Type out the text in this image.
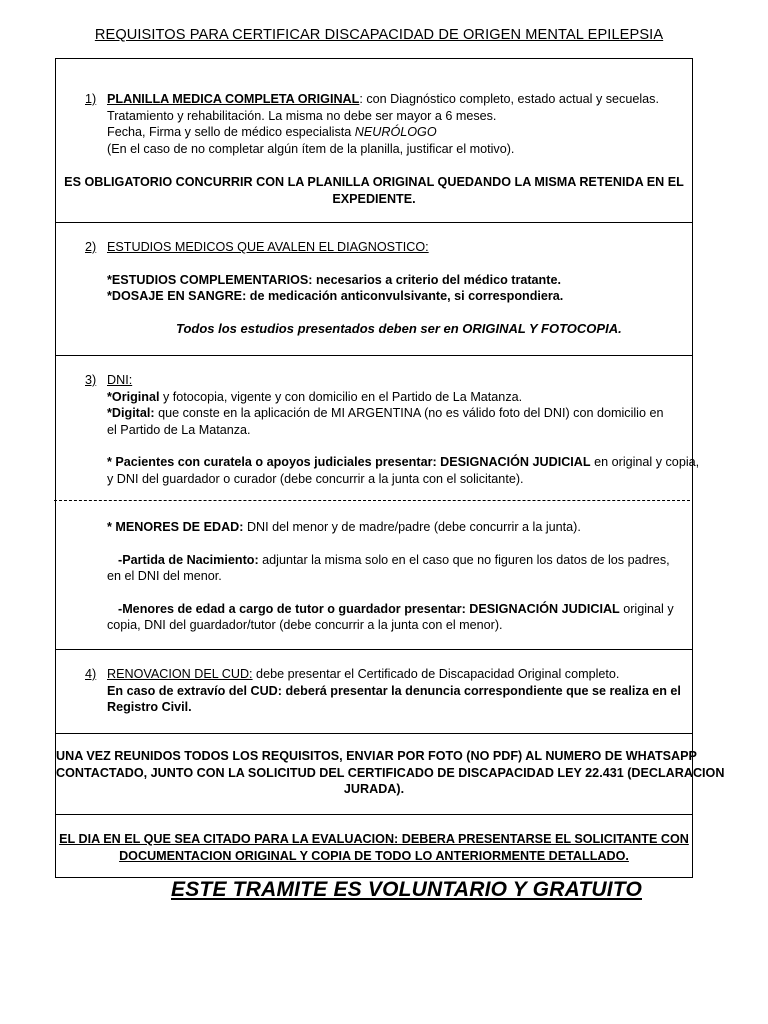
REQUISITOS PARA CERTIFICAR DISCAPACIDAD DE ORIGEN MENTAL EPILEPSIA
1) PLANILLA MEDICA COMPLETA ORIGINAL: con Diagnóstico completo, estado actual y secuelas.
Tratamiento y rehabilitación. La misma no debe ser mayor a 6 meses.
Fecha, Firma y sello de médico especialista NEURÓLOGO
(En el caso de no completar algún ítem de la planilla, justificar el motivo).
ES OBLIGATORIO CONCURRIR CON LA PLANILLA ORIGINAL QUEDANDO LA MISMA RETENIDA EN EL
EXPEDIENTE.
2) ESTUDIOS MEDICOS QUE AVALEN EL DIAGNOSTICO:
*ESTUDIOS COMPLEMENTARIOS: necesarios a criterio del médico tratante.
*DOSAJE EN SANGRE: de medicación anticonvulsivante, si correspondiera.
Todos los estudios presentados deben ser en ORIGINAL Y FOTOCOPIA.
3) DNI:
*Original y fotocopia, vigente y con domicilio en el Partido de La Matanza.
*Digital: que conste en la aplicación de MI ARGENTINA (no es válido foto del DNI) con domicilio en
el Partido de La Matanza.
* Pacientes con curatela o apoyos judiciales presentar: DESIGNACIÓN JUDICIAL en original y copia,
y DNI del guardador o curador (debe concurrir a la junta con el solicitante).
* MENORES DE EDAD: DNI del menor y de madre/padre (debe concurrir a la junta).
-Partida de Nacimiento: adjuntar la misma solo en el caso que no figuren los datos de los padres,
en el DNI del menor.
-Menores de edad a cargo de tutor o guardador presentar: DESIGNACIÓN JUDICIAL original y
copia, DNI del guardador/tutor (debe concurrir a la junta con el menor).
4) RENOVACION DEL CUD: debe presentar el Certificado de Discapacidad Original completo.
En caso de extravío del CUD: deberá presentar la denuncia correspondiente que se realiza en el
Registro Civil.
UNA VEZ REUNIDOS TODOS LOS REQUISITOS, ENVIAR POR FOTO (NO PDF) AL NUMERO DE WHATSAPP
CONTACTADO, JUNTO CON LA SOLICITUD DEL CERTIFICADO DE DISCAPACIDAD LEY 22.431 (DECLARACION
JURADA).
EL DIA EN EL QUE SEA CITADO PARA LA EVALUACION: DEBERA PRESENTARSE EL SOLICITANTE CON
DOCUMENTACION ORIGINAL Y COPIA DE TODO LO ANTERIORMENTE DETALLADO.
ESTE TRAMITE ES VOLUNTARIO Y GRATUITO
